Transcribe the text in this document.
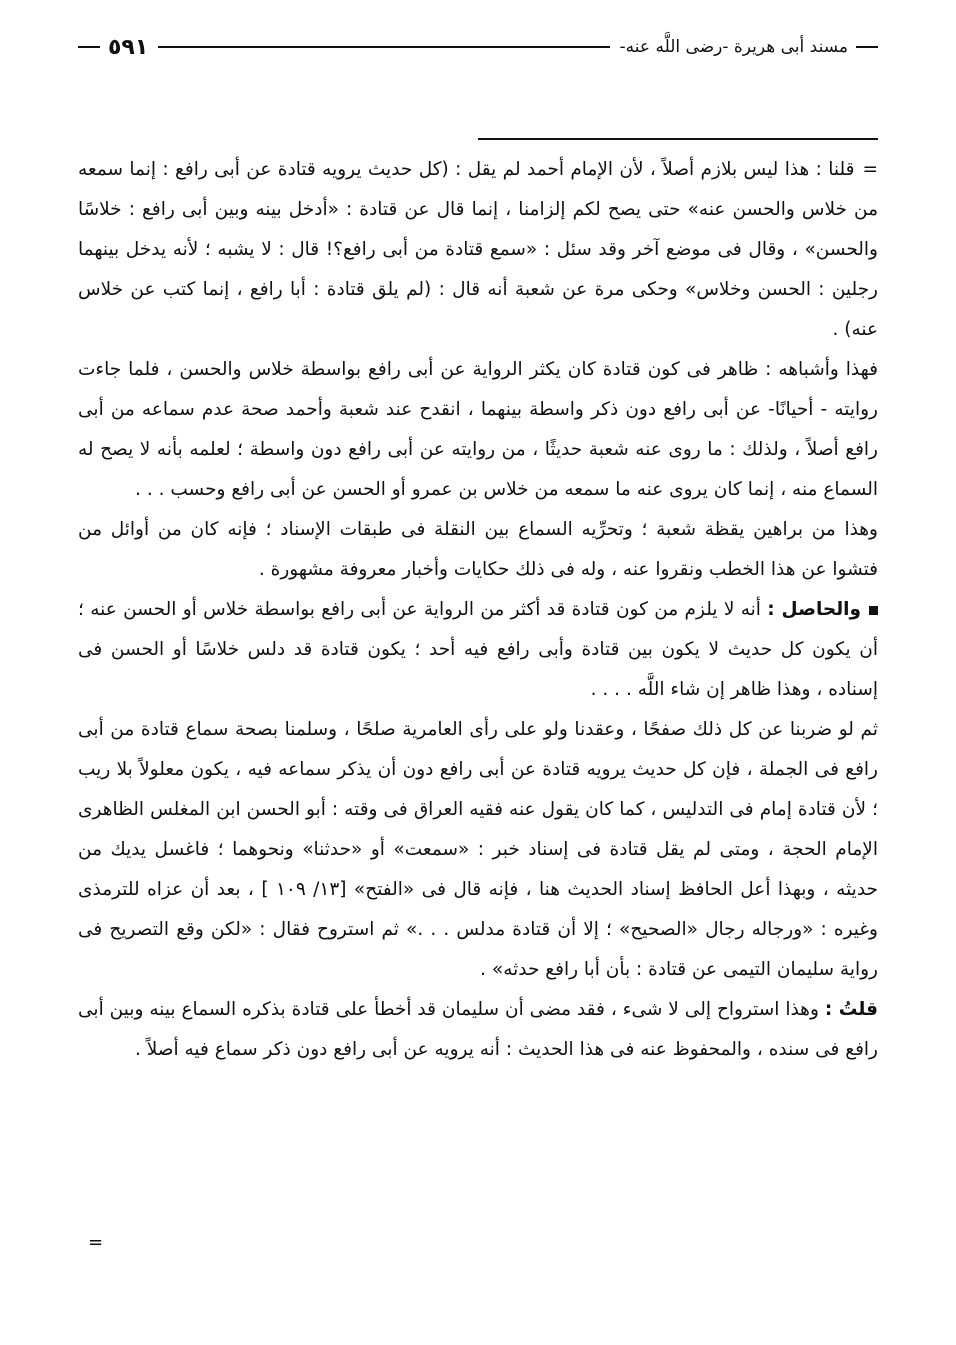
مسند أبى هريرة -رضى اللَّه عنه-
٥٩١

=قلنا : هذا ليس بلازم أصلاً ، لأن الإمام أحمد لم يقل : (كل حديث يرويه قتادة عن أبى رافع : إنما سمعه من خلاس والحسن عنه» حتى يصح لكم إلزامنا ، إنما قال عن قتادة : «أدخل بينه وبين أبى رافع : خلاسًا والحسن» ، وقال فى موضع آخر وقد سئل : «سمع قتادة من أبى رافع؟! قال : لا يشبه ؛ لأنه يدخل بينهما رجلين : الحسن وخلاس» وحكى مرة عن شعبة أنه قال : (لم يلق قتادة : أبا رافع ، إنما كتب عن خلاس عنه) .

فهذا وأشباهه : ظاهر فى كون قتادة كان يكثر الرواية عن أبى رافع بواسطة خلاس والحسن ، فلما جاءت روايته - أحيانًا- عن أبى رافع دون ذكر واسطة بينهما ، انقدح عند شعبة وأحمد صحة عدم سماعه من أبى رافع أصلاً ، ولذلك : ما روى عنه شعبة حديثًا ، من روايته عن أبى رافع دون واسطة ؛ لعلمه بأنه لا يصح له السماع منه ، إنما كان يروى عنه ما سمعه من خلاس بن عمرو أو الحسن عن أبى رافع وحسب . . .

وهذا من براهين يقظة شعبة ؛ وتحرِّيه السماع بين النقلة فى طبقات الإسناد ؛ فإنه كان من أوائل من فتشوا عن هذا الخطب ونقروا عنه ، وله فى ذلك حكايات وأخبار معروفة مشهورة .

والحاصل : أنه لا يلزم من كون قتادة قد أكثر من الرواية عن أبى رافع بواسطة خلاس أو الحسن عنه ؛ أن يكون كل حديث لا يكون بين قتادة وأبى رافع فيه أحد ؛ يكون قتادة قد دلس خلاسًا أو الحسن فى إسناده ، وهذا ظاهر إن شاء اللَّه . . . .

ثم لو ضربنا عن كل ذلك صفحًا ، وعقدنا ولو على رأى العامرية صلحًا ، وسلمنا بصحة سماع قتادة من أبى رافع فى الجملة ، فإن كل حديث يرويه قتادة عن أبى رافع دون أن يذكر سماعه فيه ، يكون معلولاً بلا ريب ؛ لأن قتادة إمام فى التدليس ، كما كان يقول عنه فقيه العراق فى وقته : أبو الحسن ابن المغلس الظاهرى الإمام الحجة ، ومتى لم يقل قتادة فى إسناد خبر : «سمعت» أو «حدثنا» ونحوهما ؛ فاغسل يديك من حديثه ، وبهذا أعل الحافظ إسناد الحديث هنا ، فإنه قال فى «الفتح» [١٣/ ١٠٩ ] ، بعد أن عزاه للترمذى وغيره : «ورجاله رجال «الصحيح» ؛ إلا أن قتادة مدلس . . .» ثم استروح فقال : «لكن وقع التصريح فى رواية سليمان التيمى عن قتادة : بأن أبا رافع حدثه» .

قلتُ : وهذا استرواح إلى لا شىء ، فقد مضى أن سليمان قد أخطأ على قتادة بذكره السماع بينه وبين أبى رافع فى سنده ، والمحفوظ عنه فى هذا الحديث : أنه يرويه عن أبى رافع دون ذكر سماع فيه أصلاً .

=
